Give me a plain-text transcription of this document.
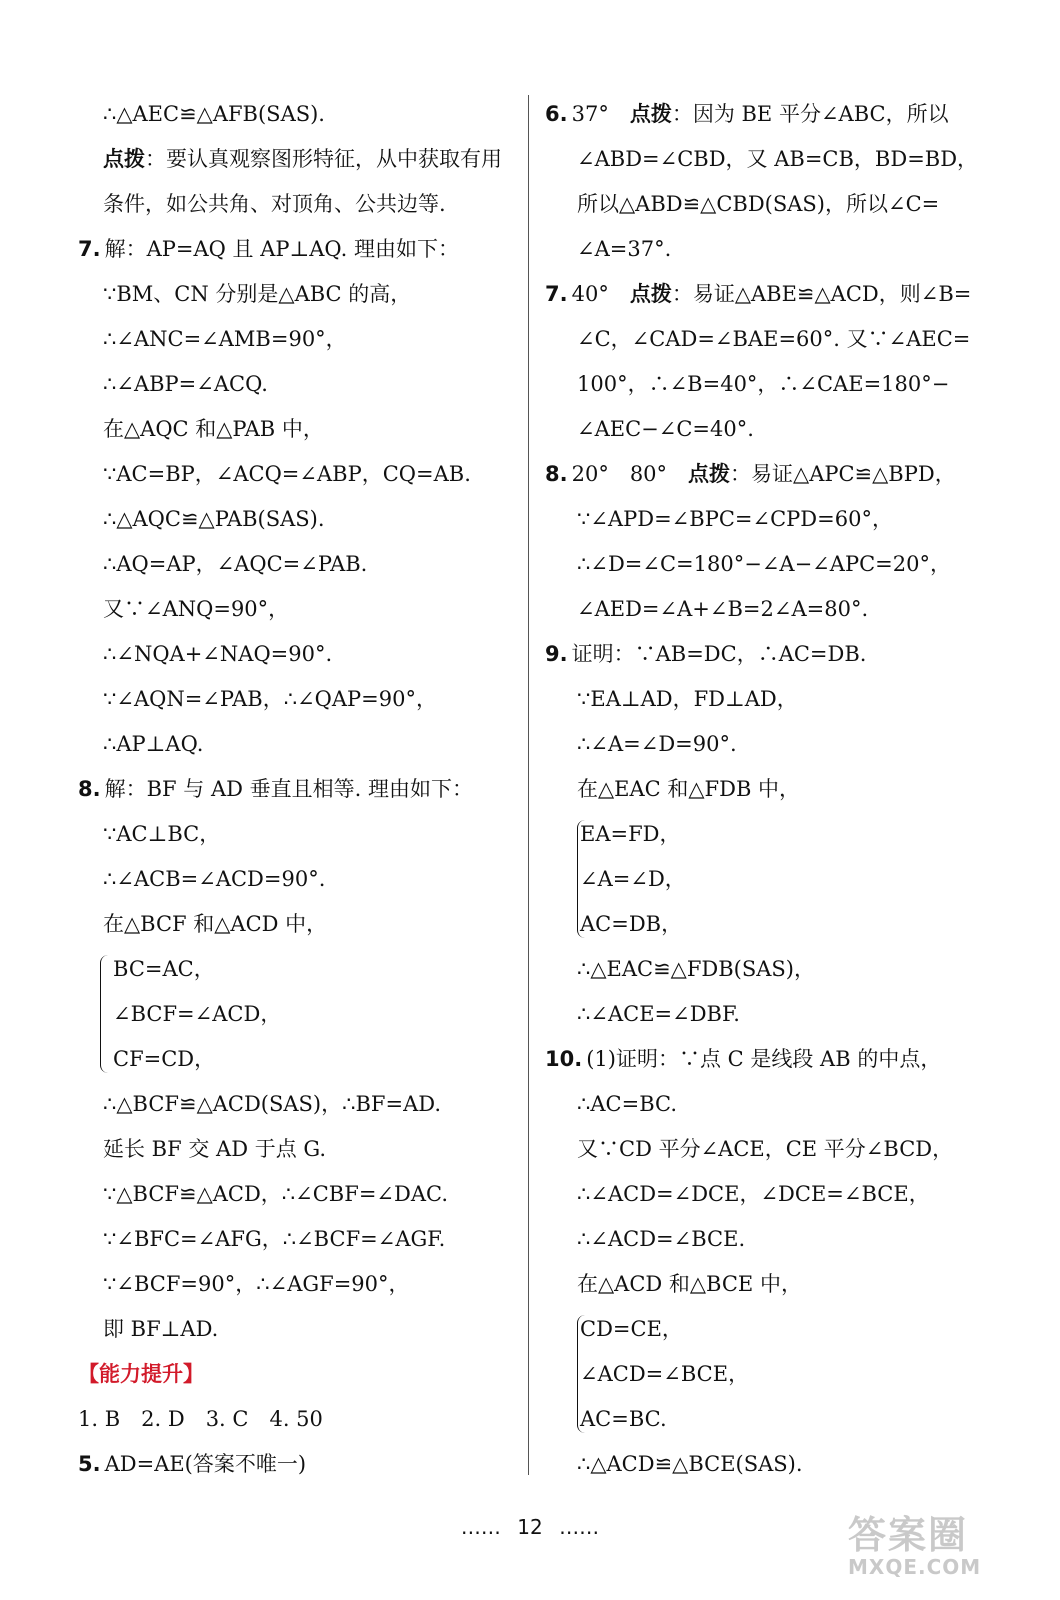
∴△AEC≌△AFB(SAS).
点拨：要认真观察图形特征，从中获取有用
条件，如公共角、对顶角、公共边等.
7. 解：AP=AQ 且 AP⊥AQ. 理由如下：
∵BM、CN 分别是△ABC 的高，
∴∠ANC=∠AMB=90°，
∴∠ABP=∠ACQ.
在△AQC 和△PAB 中，
∵AC=BP，∠ACQ=∠ABP，CQ=AB.
∴△AQC≌△PAB(SAS).
∴AQ=AP，∠AQC=∠PAB.
又∵∠ANQ=90°，
∴∠NQA+∠NAQ=90°.
∵∠AQN=∠PAB，∴∠QAP=90°，
∴AP⊥AQ.
8. 解：BF 与 AD 垂直且相等. 理由如下：
∵AC⊥BC，
∴∠ACB=∠ACD=90°.
在△BCF 和△ACD 中，
BC=AC，
∠BCF=∠ACD，
CF=CD，
∴△BCF≌△ACD(SAS)，∴BF=AD.
延长 BF 交 AD 于点 G.
∵△BCF≌△ACD，∴∠CBF=∠DAC.
∵∠BFC=∠AFG，∴∠BCF=∠AGF.
∵∠BCF=90°，∴∠AGF=90°，
即 BF⊥AD.
【能力提升】
1. B　2. D　3. C　4. 50
5. AD=AE(答案不唯一)
6. 37°　点拨：因为 BE 平分∠ABC，所以
∠ABD=∠CBD，又 AB=CB，BD=BD，
所以△ABD≌△CBD(SAS)，所以∠C=
∠A=37°.
7. 40°　点拨：易证△ABE≌△ACD，则∠B=
∠C，∠CAD=∠BAE=60°. 又∵∠AEC=
100°，∴∠B=40°，∴∠CAE=180°−
∠AEC−∠C=40°.
8. 20°　80°　点拨：易证△APC≌△BPD，
∵∠APD=∠BPC=∠CPD=60°，
∴∠D=∠C=180°−∠A−∠APC=20°，
∠AED=∠A+∠B=2∠A=80°.
9. 证明：∵AB=DC，∴AC=DB.
∵EA⊥AD，FD⊥AD，
∴∠A=∠D=90°.
在△EAC 和△FDB 中，
EA=FD，
∠A=∠D，
AC=DB，
∴△EAC≌△FDB(SAS)，
∴∠ACE=∠DBF.
10. (1)证明：∵点 C 是线段 AB 的中点，
∴AC=BC.
又∵CD 平分∠ACE，CE 平分∠BCD，
∴∠ACD=∠DCE，∠DCE=∠BCE，
∴∠ACD=∠BCE.
在△ACD 和△BCE 中，
CD=CE，
∠ACD=∠BCE，
AC=BC.
∴△ACD≌△BCE(SAS).
…… 12 ……	答案圈
MXQE.COM
